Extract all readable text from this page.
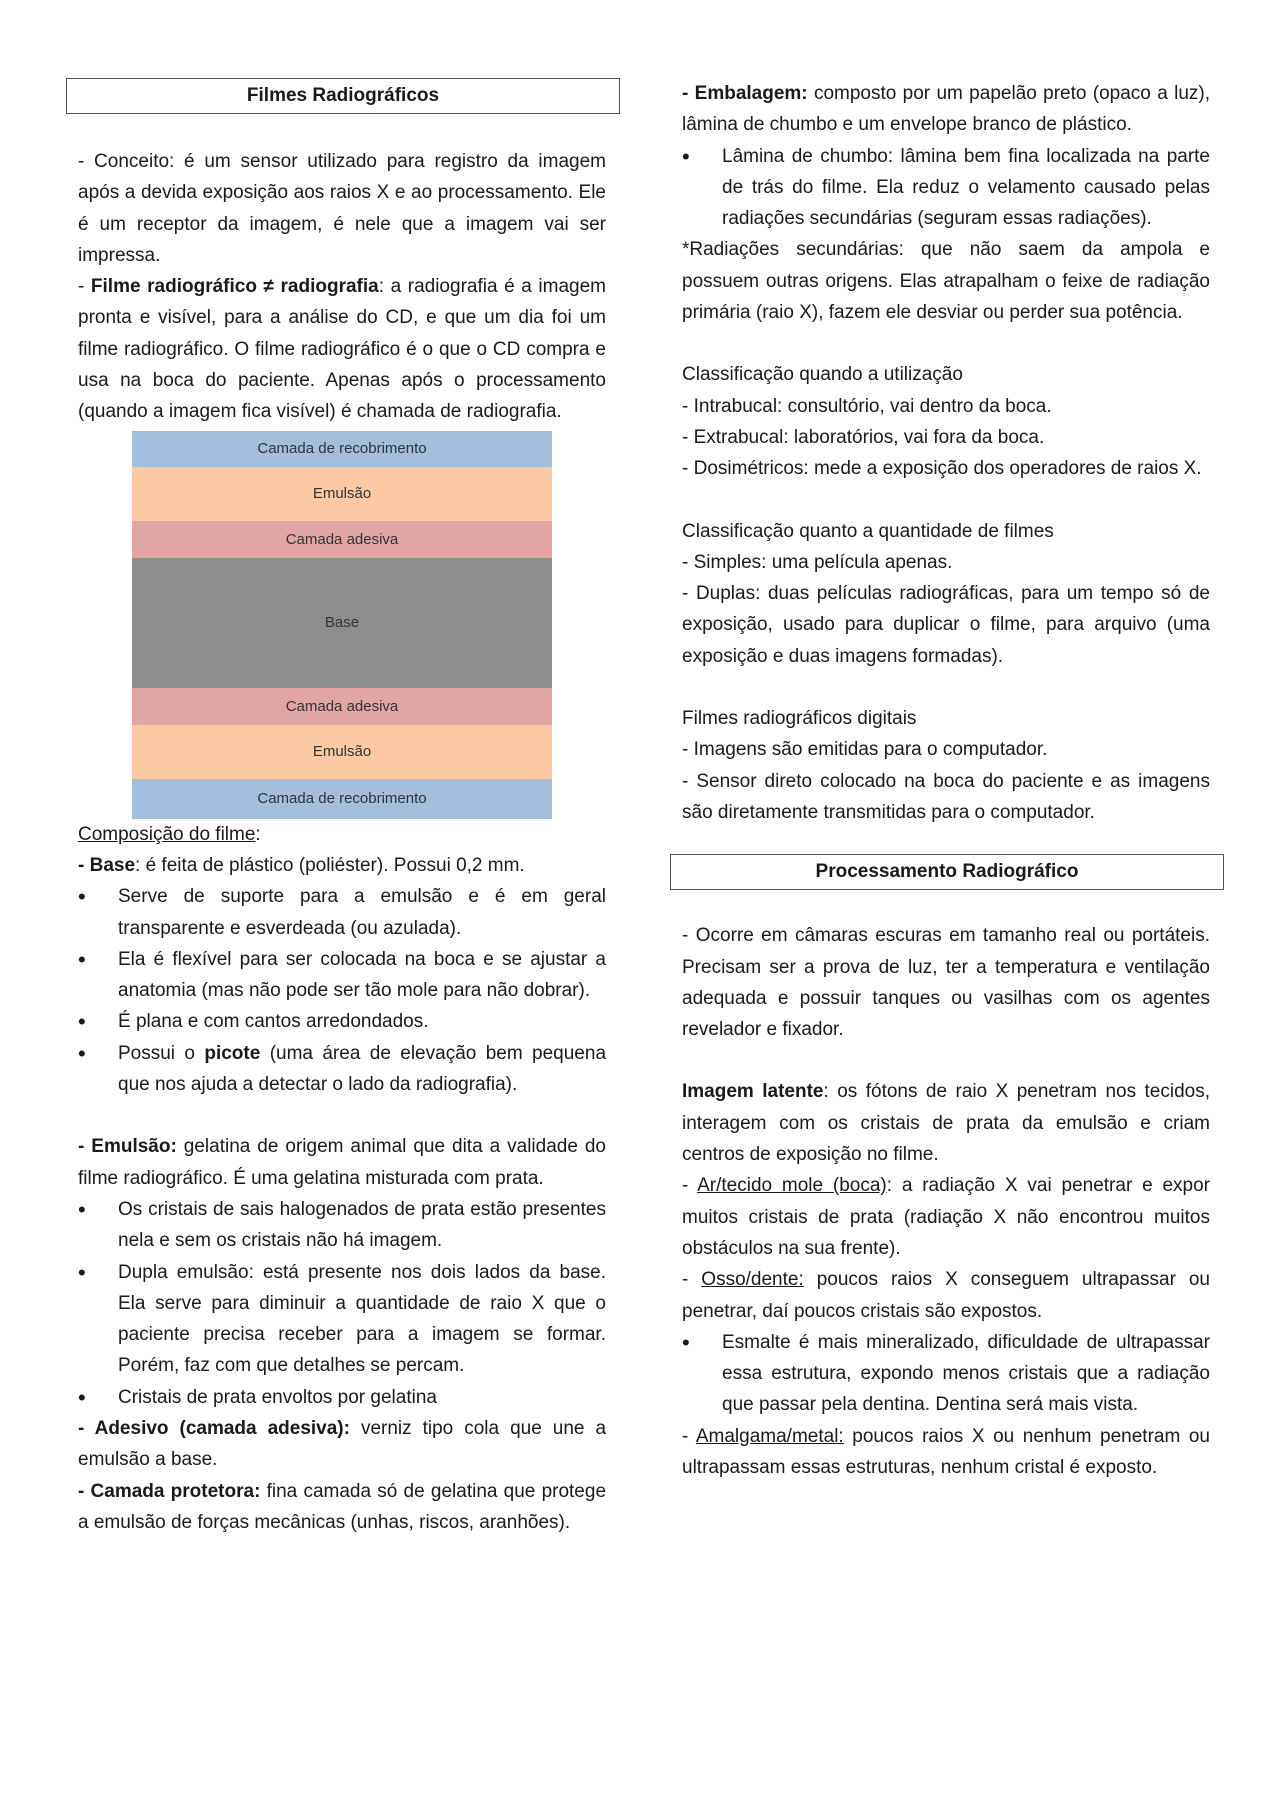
Filmes Radiográficos

- Conceito: é um sensor utilizado para registro da imagem após a devida exposição aos raios X e ao processamento. Ele é um receptor da imagem, é nele que a imagem vai ser impressa.

- Filme radiográfico ≠ radiografia: a radiografia é a imagem pronta e visível, para a análise do CD, e que um dia foi um filme radiográfico. O filme radiográfico é o que o CD compra e usa na boca do paciente. Apenas após o processamento (quando a imagem fica visível) é chamada de radiografia.

Camada de recobrimento
Emulsão
Camada adesiva
Base
Camada adesiva
Emulsão
Camada de recobrimento

Composição do filme:

- Base: é feita de plástico (poliéster). Possui 0,2 mm.

• Serve de suporte para a emulsão e é em geral transparente e esverdeada (ou azulada).
• Ela é flexível para ser colocada na boca e se ajustar a anatomia (mas não pode ser tão mole para não dobrar).
• É plana e com cantos arredondados.
• Possui o picote (uma área de elevação bem pequena que nos ajuda a detectar o lado da radiografia).

- Emulsão: gelatina de origem animal que dita a validade do filme radiográfico. É uma gelatina misturada com prata.

• Os cristais de sais halogenados de prata estão presentes nela e sem os cristais não há imagem.
• Dupla emulsão: está presente nos dois lados da base. Ela serve para diminuir a quantidade de raio X que o paciente precisa receber para a imagem se formar. Porém, faz com que detalhes se percam.
• Cristais de prata envoltos por gelatina

- Adesivo (camada adesiva): verniz tipo cola que une a emulsão a base.

- Camada protetora: fina camada só de gelatina que protege a emulsão de forças mecânicas (unhas, riscos, aranhões).

- Embalagem: composto por um papelão preto (opaco a luz), lâmina de chumbo e um envelope branco de plástico.

• Lâmina de chumbo: lâmina bem fina localizada na parte de trás do filme. Ela reduz o velamento causado pelas radiações secundárias (seguram essas radiações).

*Radiações secundárias: que não saem da ampola e possuem outras origens. Elas atrapalham o feixe de radiação primária (raio X), fazem ele desviar ou perder sua potência.

Classificação quando a utilização

- Intrabucal: consultório, vai dentro da boca.

- Extrabucal: laboratórios, vai fora da boca.

- Dosimétricos: mede a exposição dos operadores de raios X.

Classificação quanto a quantidade de filmes

- Simples: uma película apenas.

- Duplas: duas películas radiográficas, para um tempo só de exposição, usado para duplicar o filme, para arquivo (uma exposição e duas imagens formadas).

Filmes radiográficos digitais

- Imagens são emitidas para o computador.

- Sensor direto colocado na boca do paciente e as imagens são diretamente transmitidas para o computador.

Processamento Radiográfico

- Ocorre em câmaras escuras em tamanho real ou portáteis. Precisam ser a prova de luz, ter a temperatura e ventilação adequada e possuir tanques ou vasilhas com os agentes revelador e fixador.

Imagem latente: os fótons de raio X penetram nos tecidos, interagem com os cristais de prata da emulsão e criam centros de exposição no filme.

- Ar/tecido mole (boca): a radiação X vai penetrar e expor muitos cristais de prata (radiação X não encontrou muitos obstáculos na sua frente).

- Osso/dente: poucos raios X conseguem ultrapassar ou penetrar, daí poucos cristais são expostos.

• Esmalte é mais mineralizado, dificuldade de ultrapassar essa estrutura, expondo menos cristais que a radiação que passar pela dentina. Dentina será mais vista.

- Amalgama/metal: poucos raios X ou nenhum penetram ou ultrapassam essas estruturas, nenhum cristal é exposto.
